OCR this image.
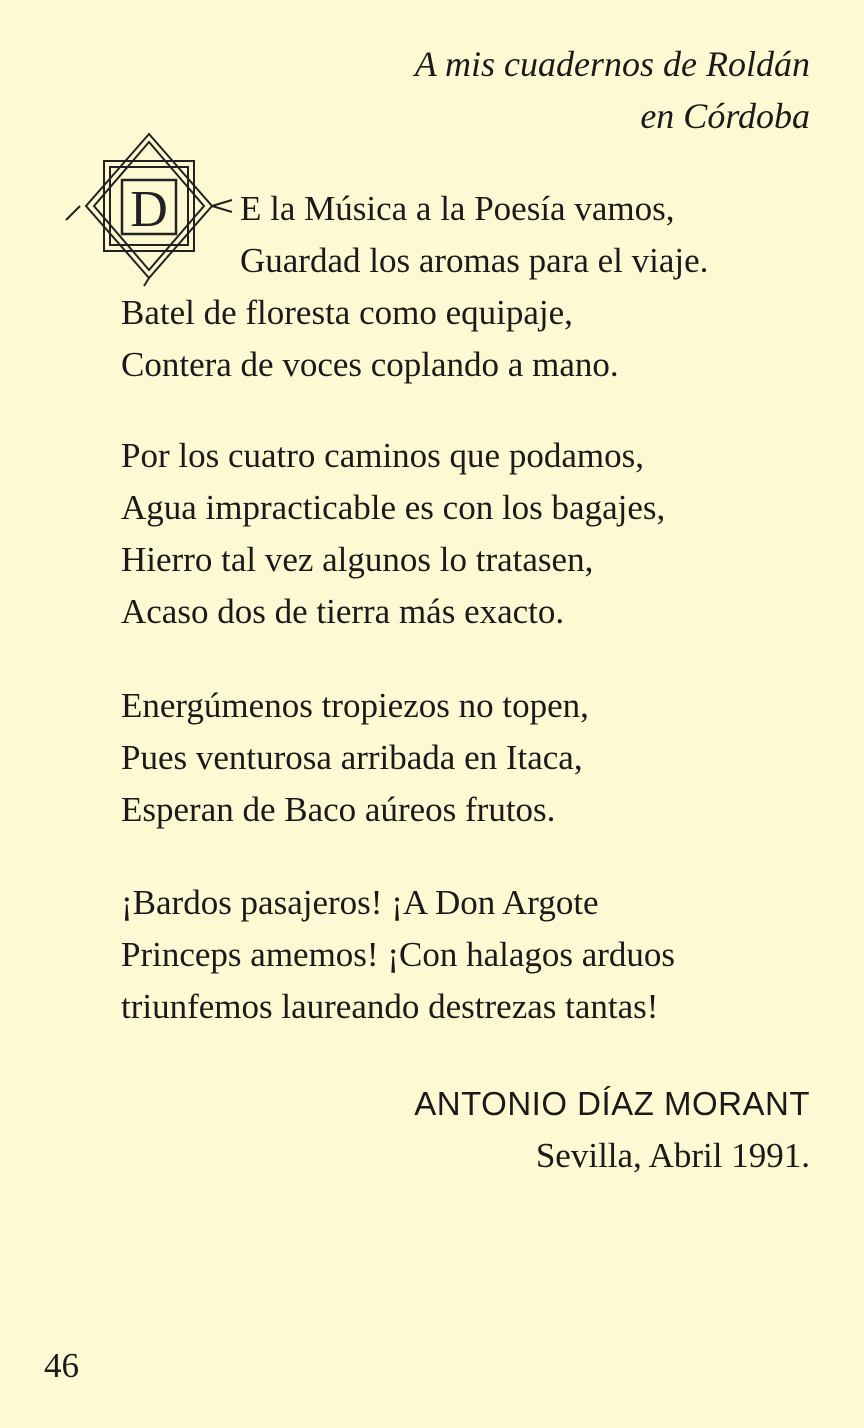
A mis cuadernos de Roldán
en Córdoba
D	E la Música a la Poesía vamos,
Guardad los aromas para el viaje.
Batel de floresta como equipaje,
Contera de voces coplando a mano.
Por los cuatro caminos que podamos,
Agua impracticable es con los bagajes,
Hierro tal vez algunos lo tratasen,
Acaso dos de tierra más exacto.
Energúmenos tropiezos no topen,
Pues venturosa arribada en Itaca,
Esperan de Baco aúreos frutos.
¡Bardos pasajeros! ¡A Don Argote
Princeps amemos! ¡Con halagos arduos
triunfemos laureando destrezas tantas!
ANTONIO DÍAZ MORANT
Sevilla, Abril 1991.
46
